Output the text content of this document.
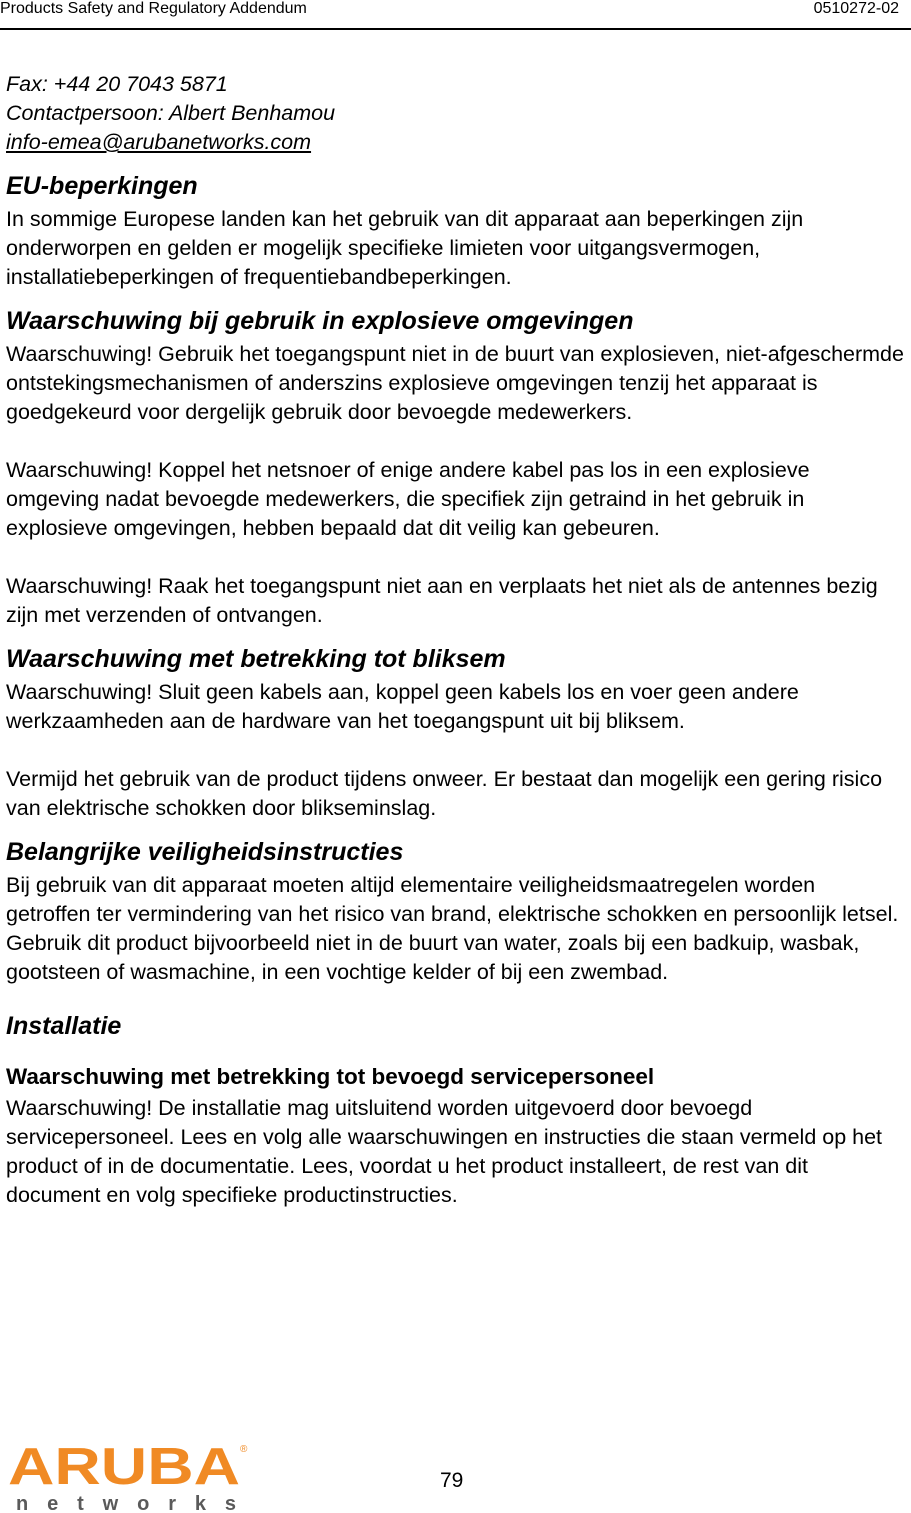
Products Safety and Regulatory Addendum	0510272-02

Fax: +44 20 7043 5871

Contactpersoon: Albert Benhamou

info-emea@arubanetworks.com

EU-beperkingen

In sommige Europese landen kan het gebruik van dit apparaat aan beperkingen zijn onderworpen en gelden er mogelijk specifieke limieten voor uitgangsvermogen, installatiebeperkingen of frequentiebandbeperkingen.

Waarschuwing bij gebruik in explosieve omgevingen

Waarschuwing! Gebruik het toegangspunt niet in de buurt van explosieven, niet-afgeschermde ontstekingsmechanismen of anderszins explosieve omgevingen tenzij het apparaat is goedgekeurd voor dergelijk gebruik door bevoegde medewerkers.

Waarschuwing! Koppel het netsnoer of enige andere kabel pas los in een explosieve omgeving nadat bevoegde medewerkers, die specifiek zijn getraind in het gebruik in explosieve omgevingen, hebben bepaald dat dit veilig kan gebeuren.

Waarschuwing! Raak het toegangspunt niet aan en verplaats het niet als de antennes bezig zijn met verzenden of ontvangen.

Waarschuwing met betrekking tot bliksem

Waarschuwing! Sluit geen kabels aan, koppel geen kabels los en voer geen andere werkzaamheden aan de hardware van het toegangspunt uit bij bliksem.

Vermijd het gebruik van de product tijdens onweer. Er bestaat dan mogelijk een gering risico van elektrische schokken door blikseminslag.

Belangrijke veiligheidsinstructies

Bij gebruik van dit apparaat moeten altijd elementaire veiligheidsmaatregelen worden getroffen ter vermindering van het risico van brand, elektrische schokken en persoonlijk letsel. Gebruik dit product bijvoorbeeld niet in de buurt van water, zoals bij een badkuip, wasbak, gootsteen of wasmachine, in een vochtige kelder of bij een zwembad.

Installatie
Waarschuwing met betrekking tot bevoegd servicepersoneel

Waarschuwing! De installatie mag uitsluitend worden uitgevoerd door bevoegd servicepersoneel. Lees en volg alle waarschuwingen en instructies die staan vermeld op het product of in de documentatie. Lees, voordat u het product installeert, de rest van dit document en volg specifieke productinstructies.

ARUBA ®
n e t w o r k s
79
